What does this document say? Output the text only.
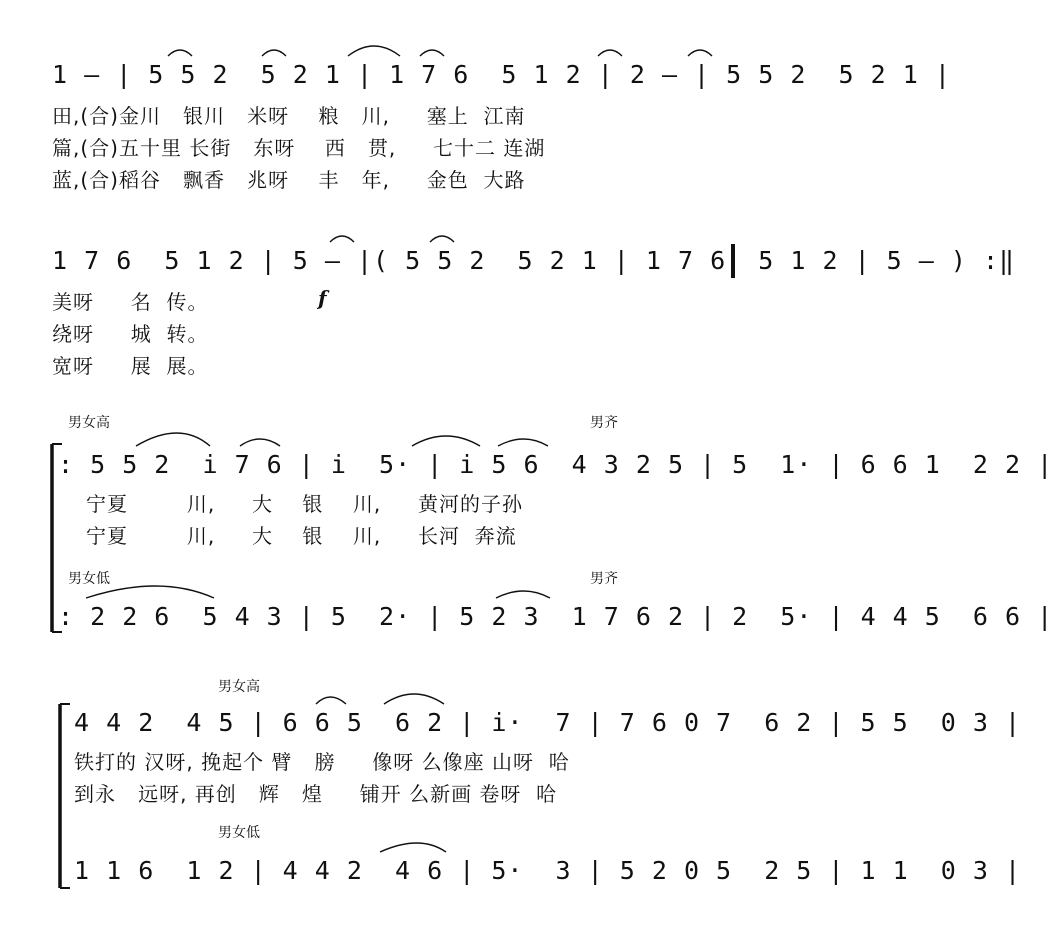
1 – | 5 5 2  5 2 1 | 1 7 6  5 1 2 | 2 – | 5 5 2  5 2 1 |
田,(合)金川   银川   米呀    粮   川,     塞上  江南
篇,(合)五十里 长街   东呀    西   贯,     七十二 连湖
蓝,(合)稻谷   飘香   兆呀    丰   年,     金色  大路
1 7 6  5 1 2 | 5 – |( 5 5 2  5 2 1 | 1 7 6  5 1 2 | 5 – ) :‖
f
美呀     名  传。
绕呀     城  转。
宽呀     展  展。
男女高	男齐
: 5 5 2  i 7 6 | i  5· | i 5 6  4 3 2 5 | 5  1· | 6 6 1  2 2 |
宁夏        川,     大    银    川,     黄河的子孙
宁夏        川,     大    银    川,     长河  奔流
男女低	男齐
: 2 2 6  5 4 3 | 5  2· | 5 2 3  1 7 6 2 | 2  5· | 4 4 5  6 6 |
男女高
4 4 2  4 5 | 6 6 5  6 2 | i·  7 | 7 6 0 7  6 2 | 5 5  0 3 |
铁打的 汉呀, 挽起个 臂   膀     像呀 么像座 山呀  哈
到永   远呀, 再创   辉   煌     铺开 么新画 卷呀  哈
男女低
1 1 6  1 2 | 4 4 2  4 6 | 5·  3 | 5 2 0 5  2 5 | 1 1  0 3 |
